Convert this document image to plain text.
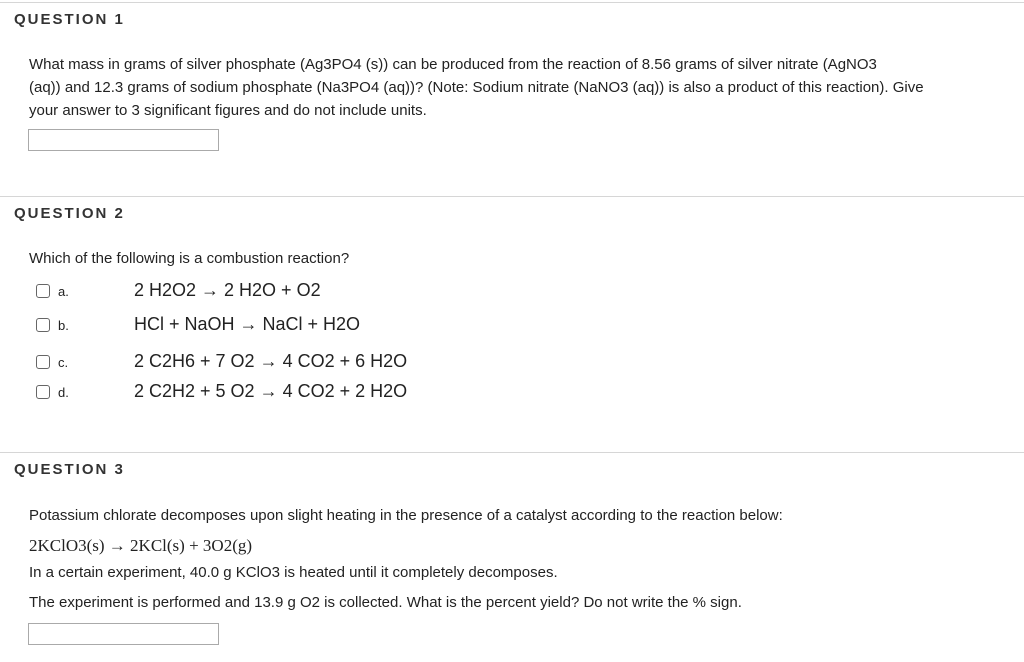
QUESTION 1
What mass in grams of silver phosphate (Ag3PO4 (s)) can be produced from the reaction of 8.56 grams of silver nitrate (AgNO3
(aq)) and 12.3 grams of sodium phosphate (Na3PO4 (aq))? (Note: Sodium nitrate (NaNO3 (aq)) is also a product of this reaction). Give
your answer to 3 significant figures and do not include units.
QUESTION 2
Which of the following is a combustion reaction?
a.	2 H2O2 → 2 H2O + O2
b.	HCl + NaOH → NaCl + H2O
c.	2 C2H6 + 7 O2 → 4 CO2 + 6 H2O
d.	2 C2H2 + 5 O2 → 4 CO2 + 2 H2O
QUESTION 3
Potassium chlorate decomposes upon slight heating in the presence of a catalyst according to the reaction below:
2KClO3(s) → 2KCl(s) + 3O2(g)
In a certain experiment, 40.0 g KClO3 is heated until it completely decomposes.
The experiment is performed and 13.9 g O2 is collected. What is the percent yield? Do not write the % sign.
